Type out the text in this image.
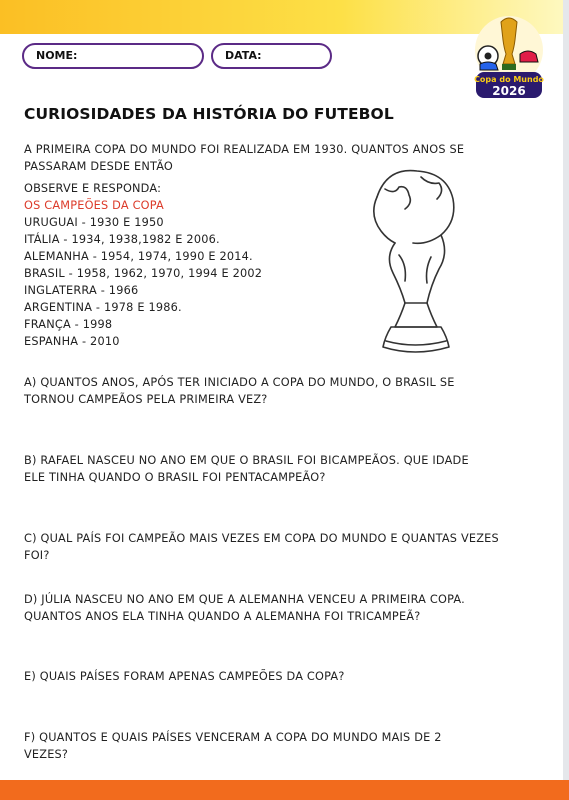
NOME:	DATA:
Copa do Mundo
2026
CURIOSIDADES DA HISTÓRIA DO FUTEBOL
A PRIMEIRA COPA DO MUNDO FOI REALIZADA EM 1930. QUANTOS ANOS SE
PASSARAM DESDE ENTÃO
OBSERVE E RESPONDA:
OS CAMPEÕES DA COPA
URUGUAI - 1930 E 1950
ITÁLIA - 1934, 1938,1982 E 2006.
ALEMANHA - 1954, 1974, 1990 E 2014.
BRASIL - 1958, 1962, 1970, 1994 E 2002
INGLATERRA - 1966
ARGENTINA - 1978 E 1986.
FRANÇA - 1998
ESPANHA - 2010
A) QUANTOS ANOS, APÓS TER INICIADO A COPA DO MUNDO, O BRASIL SE
TORNOU CAMPEÃOS PELA PRIMEIRA VEZ?
B) RAFAEL NASCEU NO ANO EM QUE O BRASIL FOI BICAMPEÃOS. QUE IDADE
ELE TINHA QUANDO O BRASIL FOI PENTACAMPEÃO?
C) QUAL PAÍS FOI CAMPEÃO MAIS VEZES EM COPA DO MUNDO E QUANTAS VEZES
FOI?
D) JÚLIA NASCEU NO ANO EM QUE A ALEMANHA VENCEU A PRIMEIRA COPA.
QUANTOS ANOS ELA TINHA QUANDO A ALEMANHA FOI TRICAMPEÃ?
E) QUAIS PAÍSES FORAM APENAS CAMPEÕES DA COPA?
F) QUANTOS E QUAIS PAÍSES VENCERAM A COPA DO MUNDO MAIS DE 2
VEZES?
